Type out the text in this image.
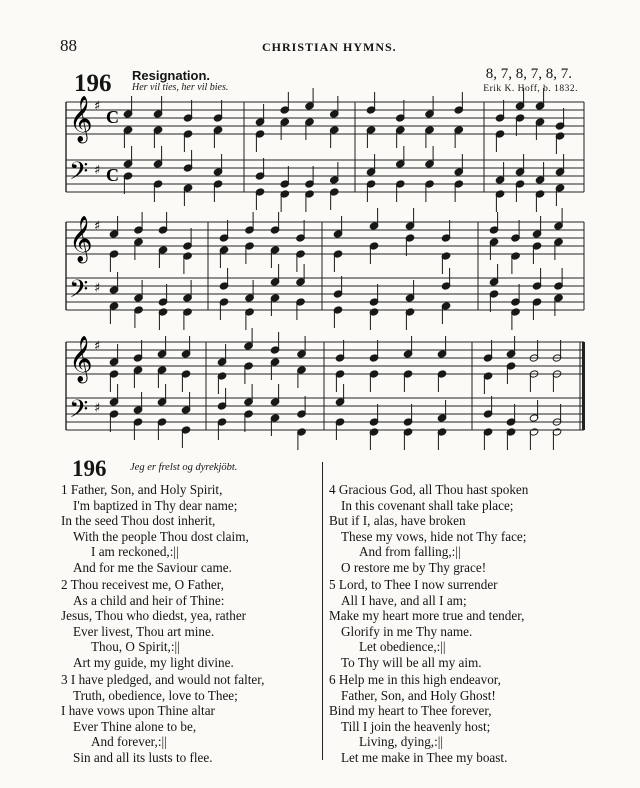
88	CHRISTIAN HYMNS.
196 Resignation.
Her vil ties, her vil bies.
8, 7, 8, 7, 8, 7.
Erik K. Hoff, b. 1832.
𝄞 ♯
C
𝄢 ♯ C
𝄞 ♯
𝄢 ♯
𝄞 ♯
𝄢 ♯
196 Jeg er frelst og dyrekjöbt.
1 Father, Son, and Holy Spirit,
I'm baptized in Thy dear name;
In the seed Thou dost inherit,
With the people Thou dost claim,
I am reckoned,:||
And for me the Saviour came.
2 Thou receivest me, O Father,
As a child and heir of Thine:
Jesus, Thou who diedst, yea, rather
Ever livest, Thou art mine.
Thou, O Spirit,:||
Art my guide, my light divine.
3 I have pledged, and would not falter,
Truth, obedience, love to Thee;
I have vows upon Thine altar
Ever Thine alone to be,
And forever,:||
Sin and all its lusts to flee.
4 Gracious God, all Thou hast spoken
In this covenant shall take place;
But if I, alas, have broken
These my vows, hide not Thy face;
And from falling,:||
O restore me by Thy grace!
5 Lord, to Thee I now surrender
All I have, and all I am;
Make my heart more true and tender,
Glorify in me Thy name.
Let obedience,:||
To Thy will be all my aim.
6 Help me in this high endeavor,
Father, Son, and Holy Ghost!
Bind my heart to Thee forever,
Till I join the heavenly host;
Living, dying,:||
Let me make in Thee my boast.
